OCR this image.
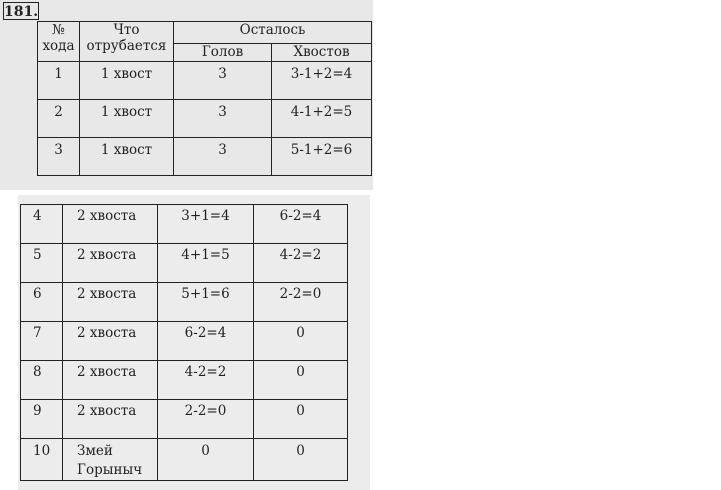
181.
№ хода	Что отрубается	Осталось	
		Голов	Хвостов
1	1 хвост	3	3-1+2=4
2	1 хвост	3	4-1+2=5
3	1 хвост	3	5-1+2=6
4	2 хвоста	3+1=4	6-2=4
5	2 хвоста	4+1=5	4-2=2
6	2 хвоста	5+1=6	2-2=0
7	2 хвоста	6-2=4	0
8	2 хвоста	4-2=2	0
9	2 хвоста	2-2=0	0
10	Змей Горыныч	0	0
